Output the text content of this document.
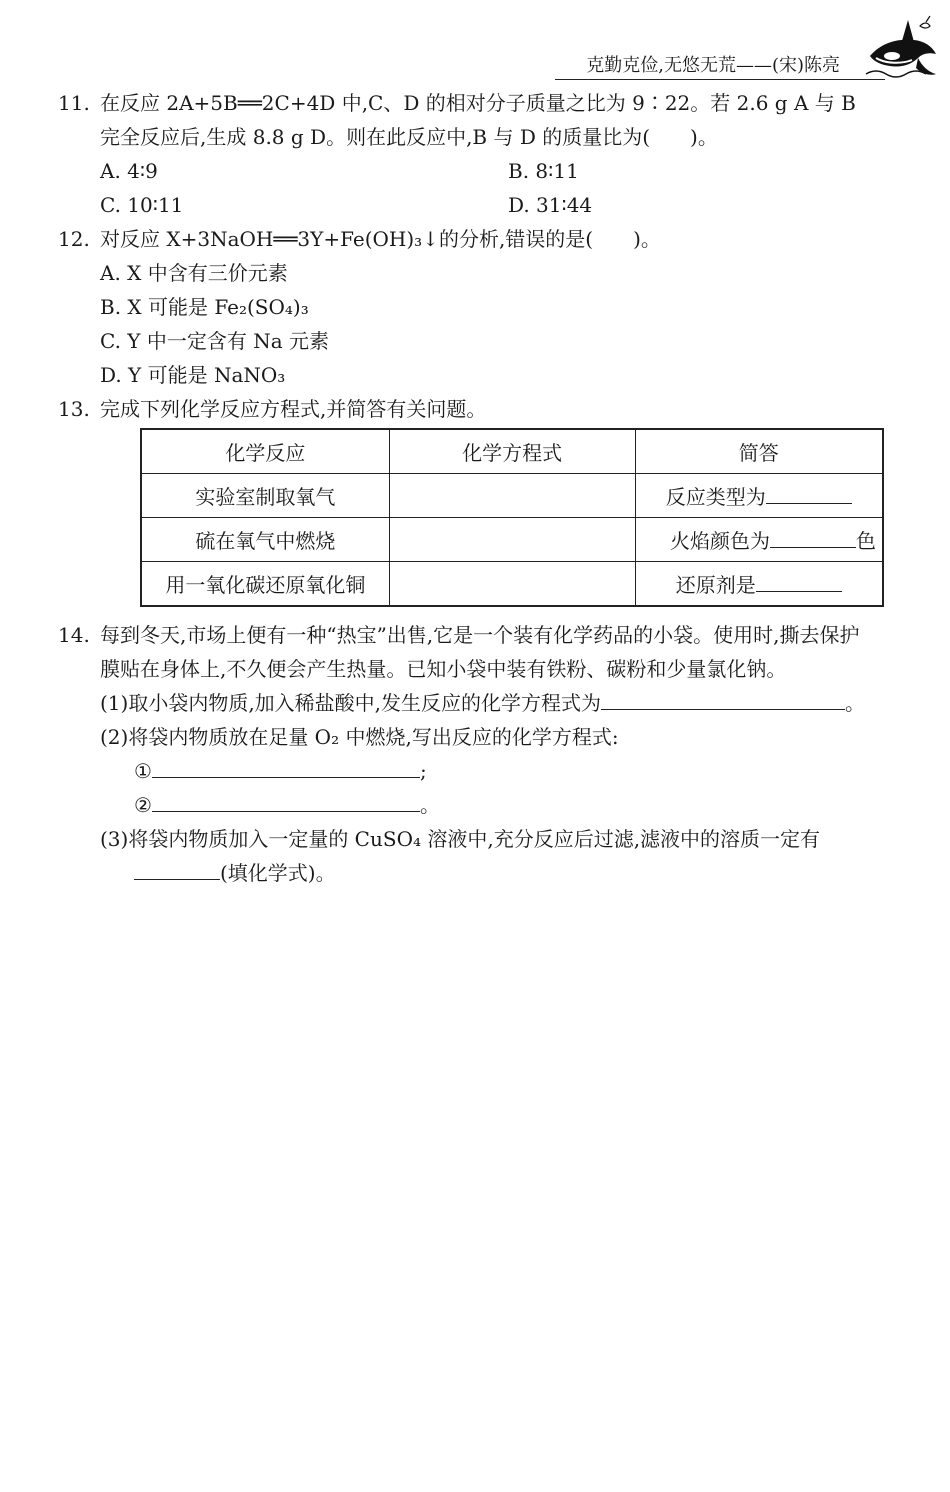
克勤克俭,无悠无荒——(宋)陈亮
11. 在反应 2A+5B══2C+4D 中,C、D 的相对分子质量之比为 9∶22。若 2.6 g A 与 B
完全反应后,生成 8.8 g D。则在此反应中,B 与 D 的质量比为(　　)。
A. 4∶9	B. 8∶11
C. 10∶11	D. 31∶44
12. 对反应 X+3NaOH══3Y+Fe(OH)₃↓的分析,错误的是(　　)。
A. X 中含有三价元素
B. X 可能是 Fe₂(SO₄)₃
C. Y 中一定含有 Na 元素
D. Y 可能是 NaNO₃
13. 完成下列化学反应方程式,并简答有关问题。
化学反应	化学方程式	简答
实验室制取氧气		反应类型为
硫在氧气中燃烧		火焰颜色为 色
用一氧化碳还原氧化铜		还原剂是
14. 每到冬天,市场上便有一种“热宝”出售,它是一个装有化学药品的小袋。使用时,撕去保护
膜贴在身体上,不久便会产生热量。已知小袋中装有铁粉、碳粉和少量氯化钠。
(1)取小袋内物质,加入稀盐酸中,发生反应的化学方程式为	。
(2)将袋内物质放在足量 O₂ 中燃烧,写出反应的化学方程式:
①	;
②	。
(3)将袋内物质加入一定量的 CuSO₄ 溶液中,充分反应后过滤,滤液中的溶质一定有
(填化学式)。
